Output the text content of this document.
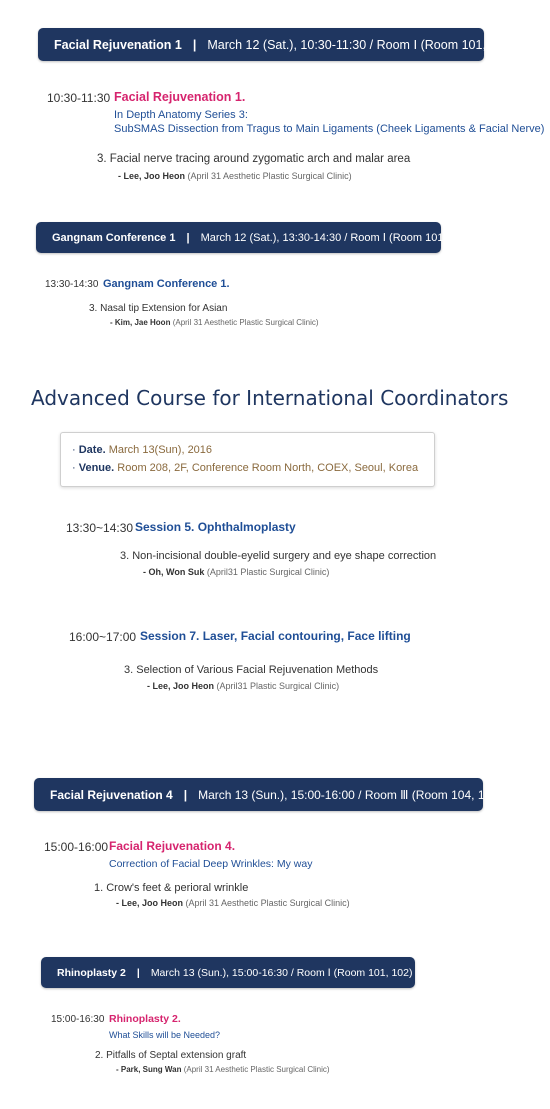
Facial Rejuvenation 1 | March 12 (Sat.), 10:30-11:30 / Room Ⅰ (Room 101, 102)
10:30-11:30 Facial Rejuvenation 1.
In Depth Anatomy Series 3:
SubSMAS Dissection from Tragus to Main Ligaments (Cheek Ligaments & Facial Nerve)
3. Facial nerve tracing around zygomatic arch and malar area
- Lee, Joo Heon (April 31 Aesthetic Plastic Surgical Clinic)
Gangnam Conference 1 | March 12 (Sat.), 13:30-14:30 / Room Ⅰ (Room 101, 102)
13:30-14:30 Gangnam Conference 1.
3. Nasal tip Extension for Asian
- Kim, Jae Hoon (April 31 Aesthetic Plastic Surgical Clinic)
Advanced Course for International Coordinators
· Date. March 13(Sun), 2016
· Venue. Room 208, 2F, Conference Room North, COEX, Seoul, Korea
13:30~14:30 Session 5. Ophthalmoplasty
3. Non-incisional double-eyelid surgery and eye shape correction
- Oh, Won Suk (April31 Plastic Surgical Clinic)
16:00~17:00 Session 7. Laser, Facial contouring, Face lifting
3. Selection of Various Facial Rejuvenation Methods
- Lee, Joo Heon (April31 Plastic Surgical Clinic)
Facial Rejuvenation 4 | March 13 (Sun.), 15:00-16:00 / Room Ⅲ (Room 104, 105)
15:00-16:00 Facial Rejuvenation 4.
Correction of Facial Deep Wrinkles: My way
1. Crow's feet & perioral wrinkle
- Lee, Joo Heon (April 31 Aesthetic Plastic Surgical Clinic)
Rhinoplasty 2 | March 13 (Sun.), 15:00-16:30 / Room Ⅰ (Room 101, 102)
15:00-16:30 Rhinoplasty 2.
What Skills will be Needed?
2. Pitfalls of Septal extension graft
- Park, Sung Wan (April 31 Aesthetic Plastic Surgical Clinic)
